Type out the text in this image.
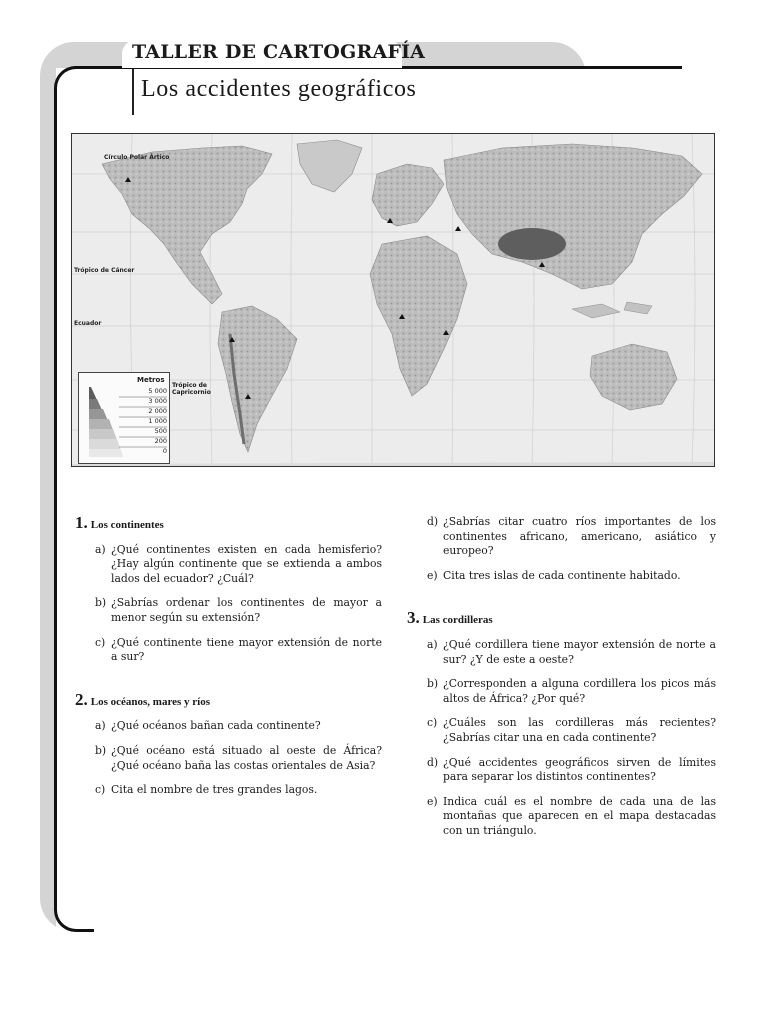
TALLER DE CARTOGRAFÍA
Los accidentes geográficos
Círculo Polar Ártico
Trópico de Cáncer
Ecuador
Trópico de
Capricornio
Metros
5 000
3 000
2 000
1 000
500
200
0
1. Los continentes
a) ¿Qué continentes existen en cada hemisferio? ¿Hay algún continente que se extienda a ambos lados del ecuador? ¿Cuál?
b) ¿Sabrías ordenar los continentes de mayor a menor según su extensión?
c) ¿Qué continente tiene mayor extensión de norte a sur?
2. Los océanos, mares y ríos
a) ¿Qué océanos bañan cada continente?
b) ¿Qué océano está situado al oeste de África? ¿Qué océano baña las costas orientales de Asia?
c) Cita el nombre de tres grandes lagos.
d) ¿Sabrías citar cuatro ríos importantes de los continentes africano, americano, asiático y europeo?
e) Cita tres islas de cada continente habitado.
3. Las cordilleras
a) ¿Qué cordillera tiene mayor extensión de norte a sur? ¿Y de este a oeste?
b) ¿Corresponden a alguna cordillera los picos más altos de África? ¿Por qué?
c) ¿Cuáles son las cordilleras más recientes? ¿Sabrías citar una en cada continente?
d) ¿Qué accidentes geográficos sirven de límites para separar los distintos continentes?
e) Indica cuál es el nombre de cada una de las montañas que aparecen en el mapa destacadas con un triángulo.
